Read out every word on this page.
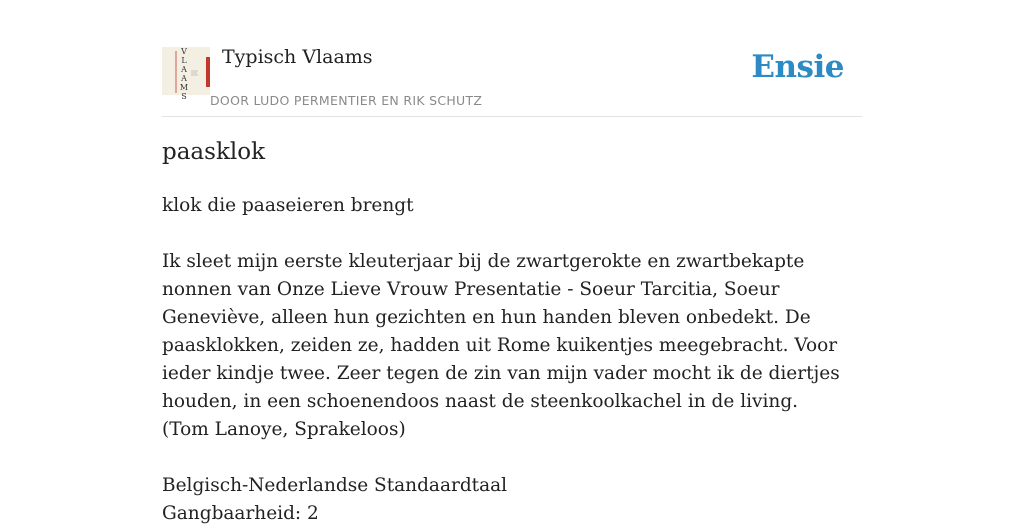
V
L
A
A
M
S
Typisch Vlaams
DOOR LUDO PERMENTIER EN RIK SCHUTZ
Ensie
paasklok

klok die paaseieren brengt

Ik sleet mijn eerste kleuterjaar bij de zwartgerokte en zwartbekapte nonnen van Onze Lieve Vrouw Presentatie - Soeur Tarcitia, Soeur Geneviève, alleen hun gezichten en hun handen bleven onbedekt. De paasklokken, zeiden ze, hadden uit Rome kuikentjes meegebracht. Voor ieder kindje twee. Zeer tegen de zin van mijn vader mocht ik de diertjes houden, in een schoenendoos naast de steenkoolkachel in de living.

(Tom Lanoye, Sprakeloos)

Belgisch-Nederlandse Standaardtaal

Gangbaarheid: 2
